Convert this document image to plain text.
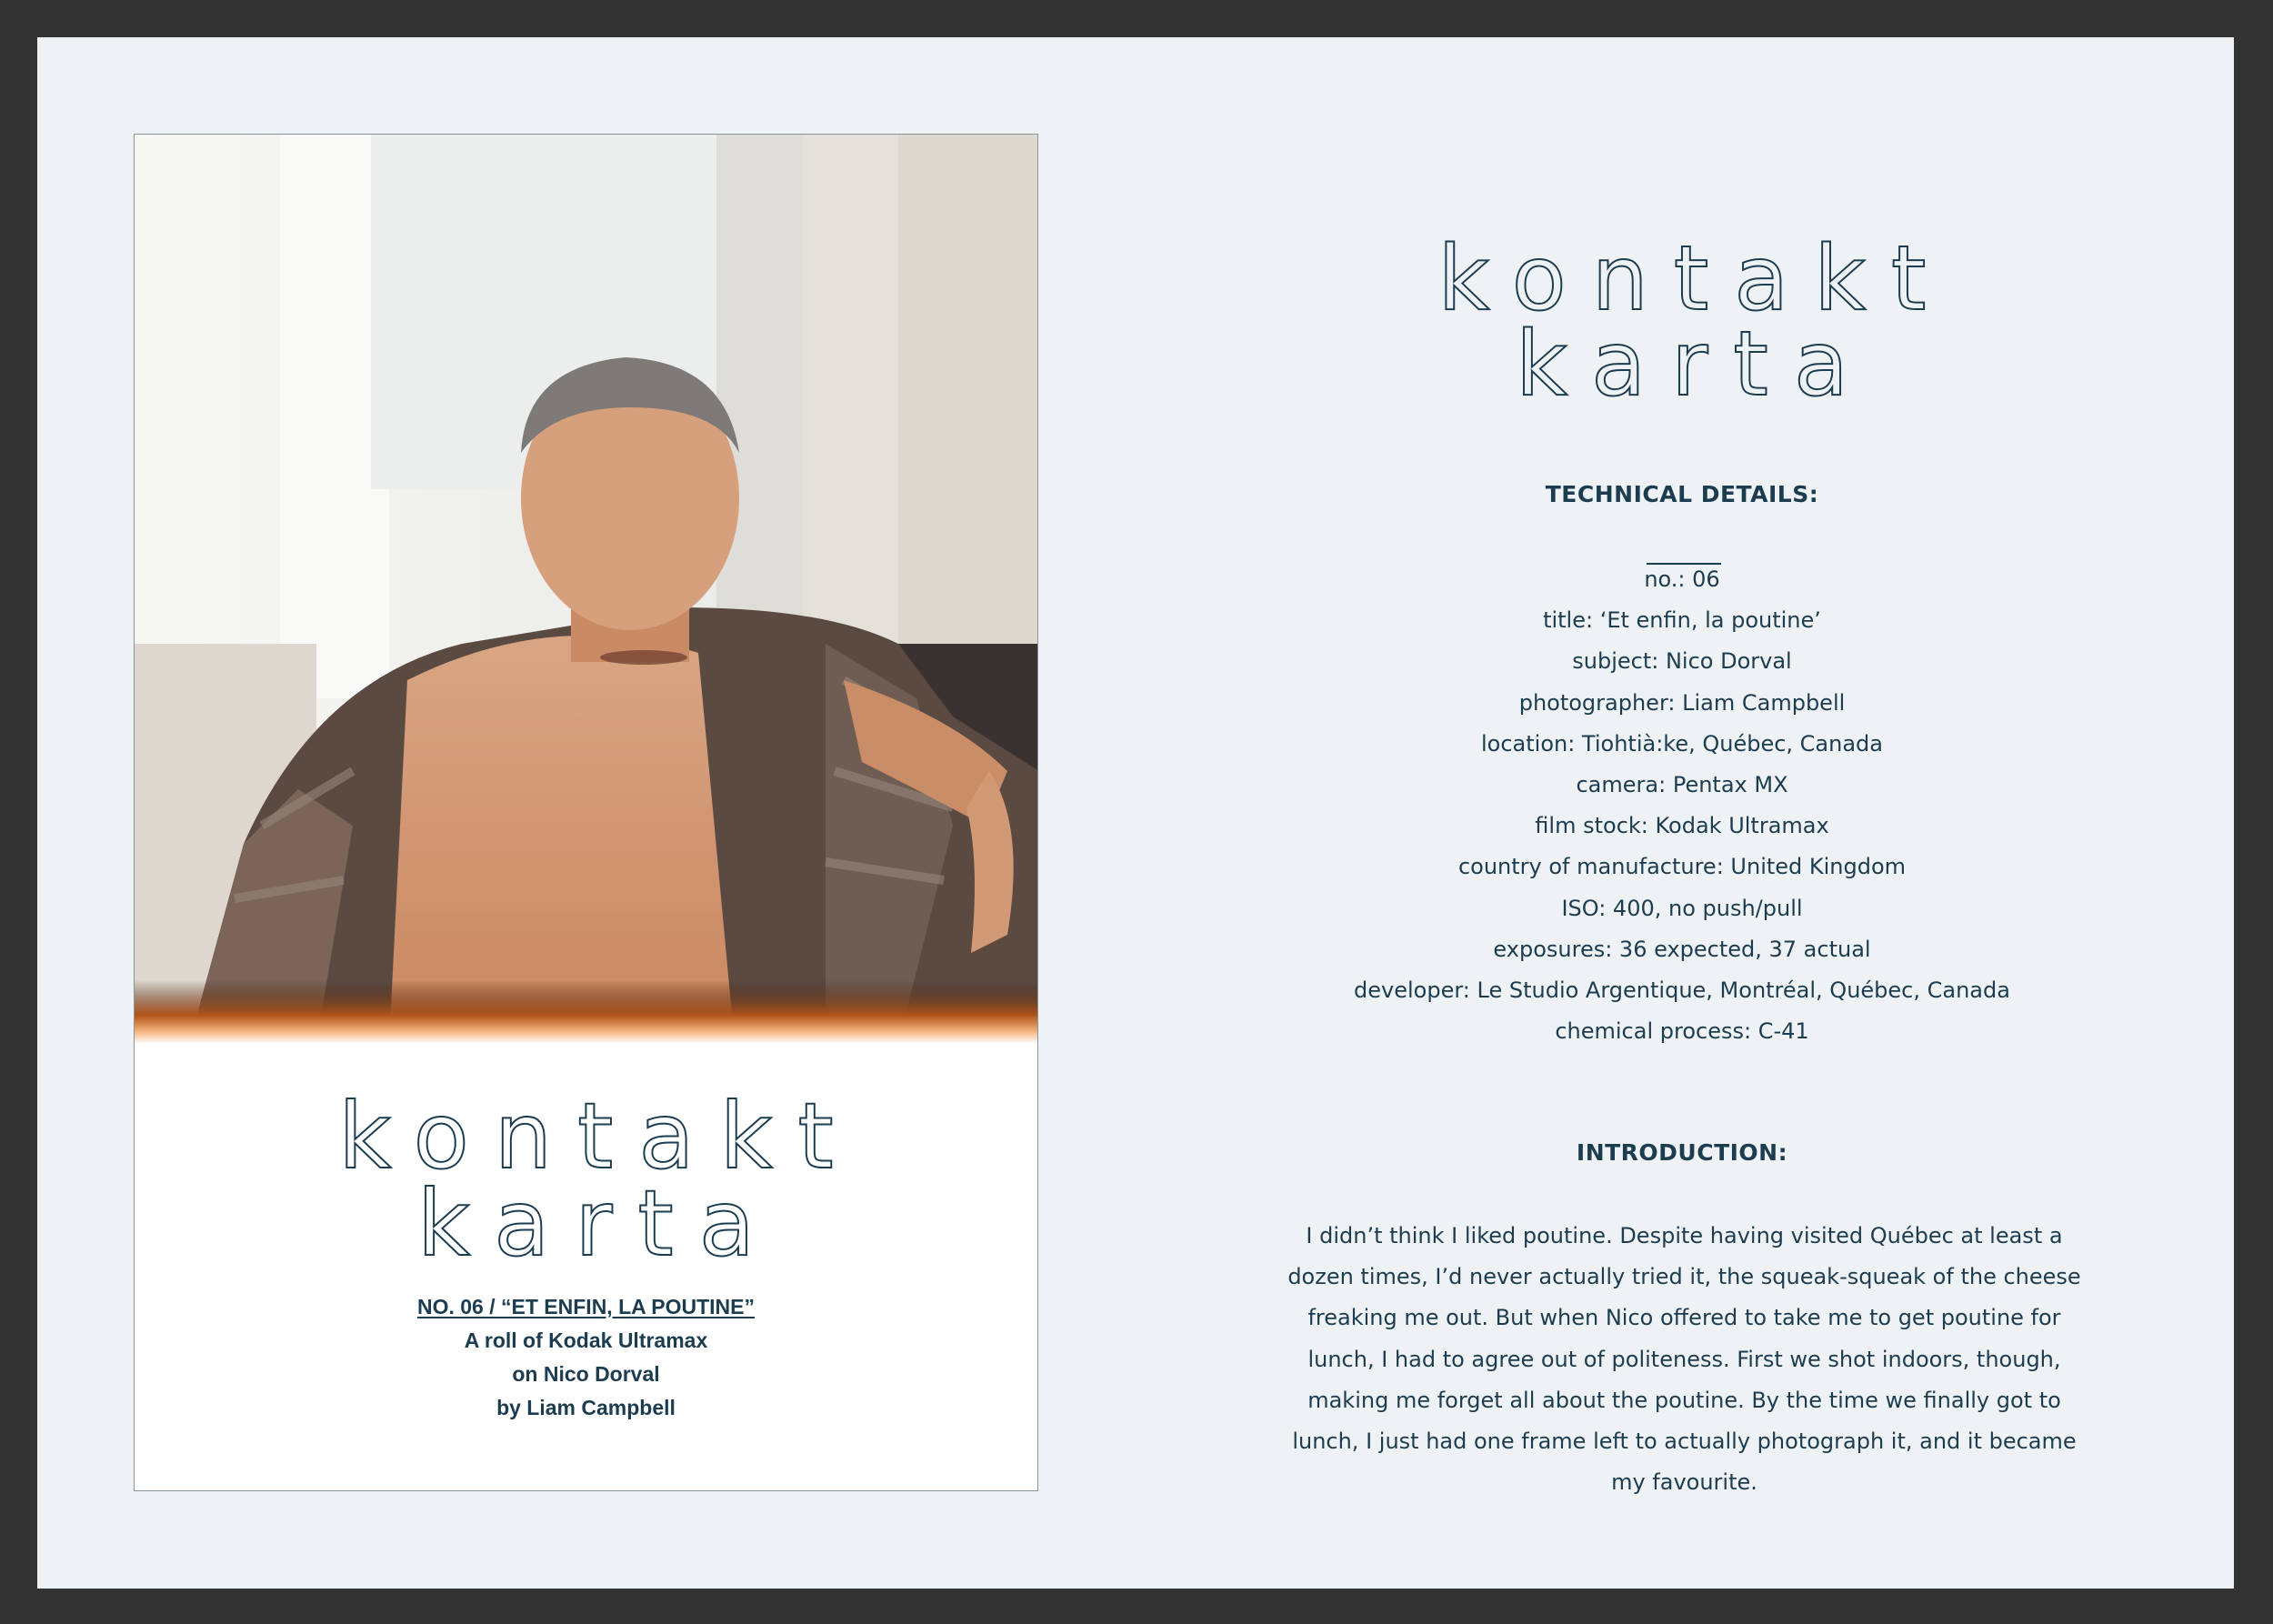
kontakt
karta
NO. 06 / “ET ENFIN, LA POUTINE”
A roll of Kodak Ultramax
on Nico Dorval
by Liam Campbell
kontakt
karta
TECHNICAL DETAILS:
no.: 06
title: ‘Et enfin, la poutine’
subject: Nico Dorval
photographer: Liam Campbell
location: Tiohtià:ke, Québec, Canada
camera: Pentax MX
film stock: Kodak Ultramax
country of manufacture: United Kingdom
ISO: 400, no push/pull
exposures: 36 expected, 37 actual
developer: Le Studio Argentique, Montréal, Québec, Canada
chemical process: C-41
INTRODUCTION:

I didn’t think I liked poutine. Despite having visited Québec at least a dozen times, I’d never actually tried it, the squeak-squeak of the cheese freaking me out. But when Nico offered to take me to get poutine for lunch, I had to agree out of politeness. First we shot indoors, though, making me forget all about the poutine. By the time we finally got to lunch, I just had one frame left to actually photograph it, and it became my favourite.
